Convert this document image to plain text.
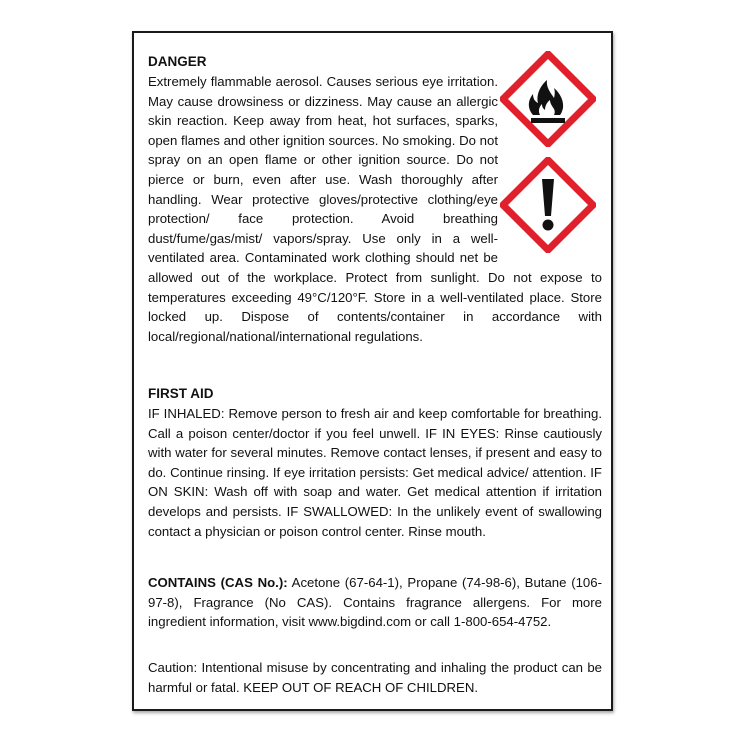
DANGER
Extremely flammable aerosol. Causes serious eye irritation. May cause drowsiness or dizziness. May cause an allergic skin reaction. Keep away from heat, hot surfaces, sparks, open flames and other ignition sources. No smoking. Do not spray on an open flame or other ignition source. Do not pierce or burn, even after use. Wash thoroughly after handling. Wear protective gloves/protective clothing/eye protection/ face protection. Avoid breathing dust/fume/gas/mist/ vapors/spray. Use only in a well-ventilated area. Contaminated work clothing should net be allowed out of the workplace. Protect from sunlight. Do not expose to temperatures exceeding 49°C/120°F. Store in a well-ventilated place. Store locked up. Dispose of contents/container in accordance with local/regional/national/international regulations.
FIRST AID
IF INHALED: Remove person to fresh air and keep comfortable for breathing. Call a poison center/doctor if you feel unwell. IF IN EYES: Rinse cautiously with water for several minutes. Remove contact lenses, if present and easy to do. Continue rinsing. If eye irritation persists: Get medical advice/ attention. IF ON SKIN: Wash off with soap and water. Get medical attention if irritation develops and persists. IF SWALLOWED: In the unlikely event of swallowing contact a physician or poison control center. Rinse mouth.
CONTAINS (CAS No.): Acetone (67-64-1), Propane (74-98-6), Butane (106-97-8), Fragrance (No CAS). Contains fragrance allergens. For more ingredient information, visit www.bigdind.com or call 1-800-654-4752.
Caution: Intentional misuse by concentrating and inhaling the product can be harmful or fatal. KEEP OUT OF REACH OF CHILDREN.
